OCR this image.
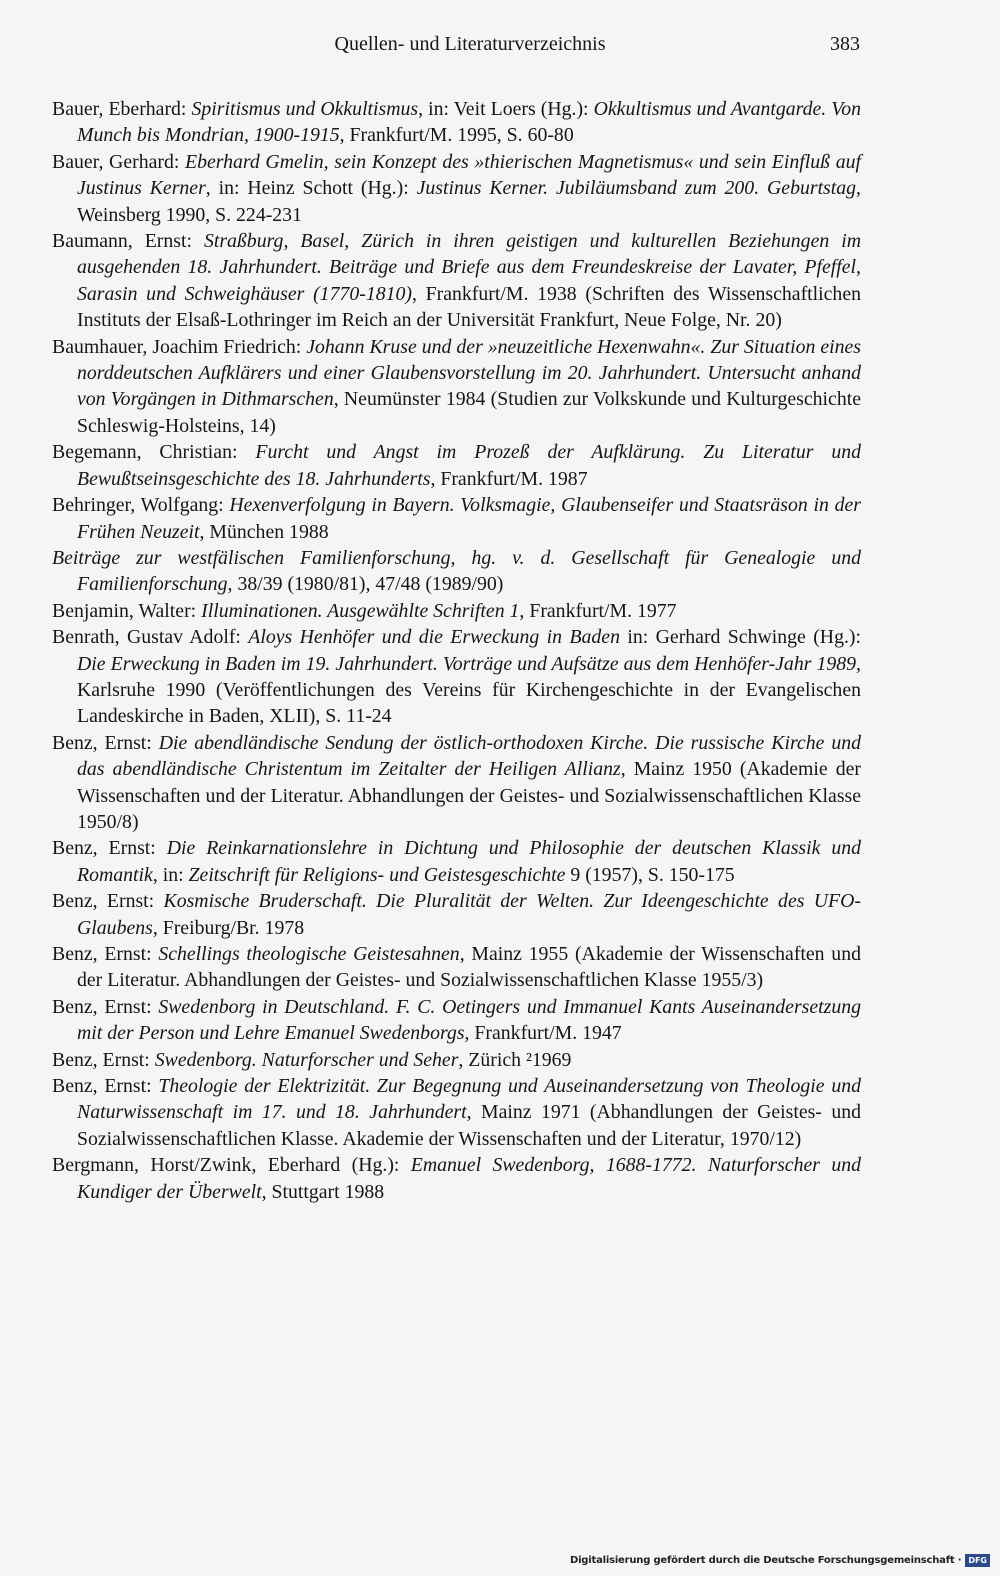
Quellen- und Literaturverzeichnis	383

Bauer, Eberhard: Spiritismus und Okkultismus, in: Veit Loers (Hg.): Okkultismus und Avantgarde. Von Munch bis Mondrian, 1900-1915, Frankfurt/M. 1995, S. 60-80

Bauer, Gerhard: Eberhard Gmelin, sein Konzept des »thierischen Magnetismus« und sein Einfluß auf Justinus Kerner, in: Heinz Schott (Hg.): Justinus Kerner. Jubiläumsband zum 200. Geburtstag, Weinsberg 1990, S. 224-231

Baumann, Ernst: Straßburg, Basel, Zürich in ihren geistigen und kulturellen Beziehungen im ausgehenden 18. Jahrhundert. Beiträge und Briefe aus dem Freundeskreise der Lavater, Pfeffel, Sarasin und Schweighäuser (1770-1810), Frankfurt/M. 1938 (Schriften des Wissenschaftlichen Instituts der Elsaß-Lothringer im Reich an der Universität Frankfurt, Neue Folge, Nr. 20)

Baumhauer, Joachim Friedrich: Johann Kruse und der »neuzeitliche Hexenwahn«. Zur Situation eines norddeutschen Aufklärers und einer Glaubensvorstellung im 20. Jahrhundert. Untersucht anhand von Vorgängen in Dithmarschen, Neumünster 1984 (Studien zur Volkskunde und Kulturgeschichte Schleswig-Holsteins, 14)

Begemann, Christian: Furcht und Angst im Prozeß der Aufklärung. Zu Literatur und Bewußtseinsgeschichte des 18. Jahrhunderts, Frankfurt/M. 1987

Behringer, Wolfgang: Hexenverfolgung in Bayern. Volksmagie, Glaubenseifer und Staatsräson in der Frühen Neuzeit, München 1988

Beiträge zur westfälischen Familienforschung, hg. v. d. Gesellschaft für Genealogie und Familienforschung, 38/39 (1980/81), 47/48 (1989/90)

Benjamin, Walter: Illuminationen. Ausgewählte Schriften 1, Frankfurt/M. 1977

Benrath, Gustav Adolf: Aloys Henhöfer und die Erweckung in Baden in: Gerhard Schwinge (Hg.): Die Erweckung in Baden im 19. Jahrhundert. Vorträge und Aufsätze aus dem Henhöfer-Jahr 1989, Karlsruhe 1990 (Veröffentlichungen des Vereins für Kirchengeschichte in der Evangelischen Landeskirche in Baden, XLII), S. 11-24

Benz, Ernst: Die abendländische Sendung der östlich-orthodoxen Kirche. Die russische Kirche und das abendländische Christentum im Zeitalter der Heiligen Allianz, Mainz 1950 (Akademie der Wissenschaften und der Literatur. Abhandlungen der Geistes- und Sozialwissenschaftlichen Klasse 1950/8)

Benz, Ernst: Die Reinkarnationslehre in Dichtung und Philosophie der deutschen Klassik und Romantik, in: Zeitschrift für Religions- und Geistesgeschichte 9 (1957), S. 150-175

Benz, Ernst: Kosmische Bruderschaft. Die Pluralität der Welten. Zur Ideengeschichte des UFO-Glaubens, Freiburg/Br. 1978

Benz, Ernst: Schellings theologische Geistesahnen, Mainz 1955 (Akademie der Wissenschaften und der Literatur. Abhandlungen der Geistes- und Sozialwissenschaftlichen Klasse 1955/3)

Benz, Ernst: Swedenborg in Deutschland. F. C. Oetingers und Immanuel Kants Auseinandersetzung mit der Person und Lehre Emanuel Swedenborgs, Frankfurt/M. 1947

Benz, Ernst: Swedenborg. Naturforscher und Seher, Zürich ²1969

Benz, Ernst: Theologie der Elektrizität. Zur Begegnung und Auseinandersetzung von Theologie und Naturwissenschaft im 17. und 18. Jahrhundert, Mainz 1971 (Abhandlungen der Geistes- und Sozialwissenschaftlichen Klasse. Akademie der Wissenschaften und der Literatur, 1970/12)

Bergmann, Horst/Zwink, Eberhard (Hg.): Emanuel Swedenborg, 1688-1772. Naturforscher und Kundiger der Überwelt, Stuttgart 1988

Digitalisierung gefördert durch die Deutsche Forschungsgemeinschaft · DFG
